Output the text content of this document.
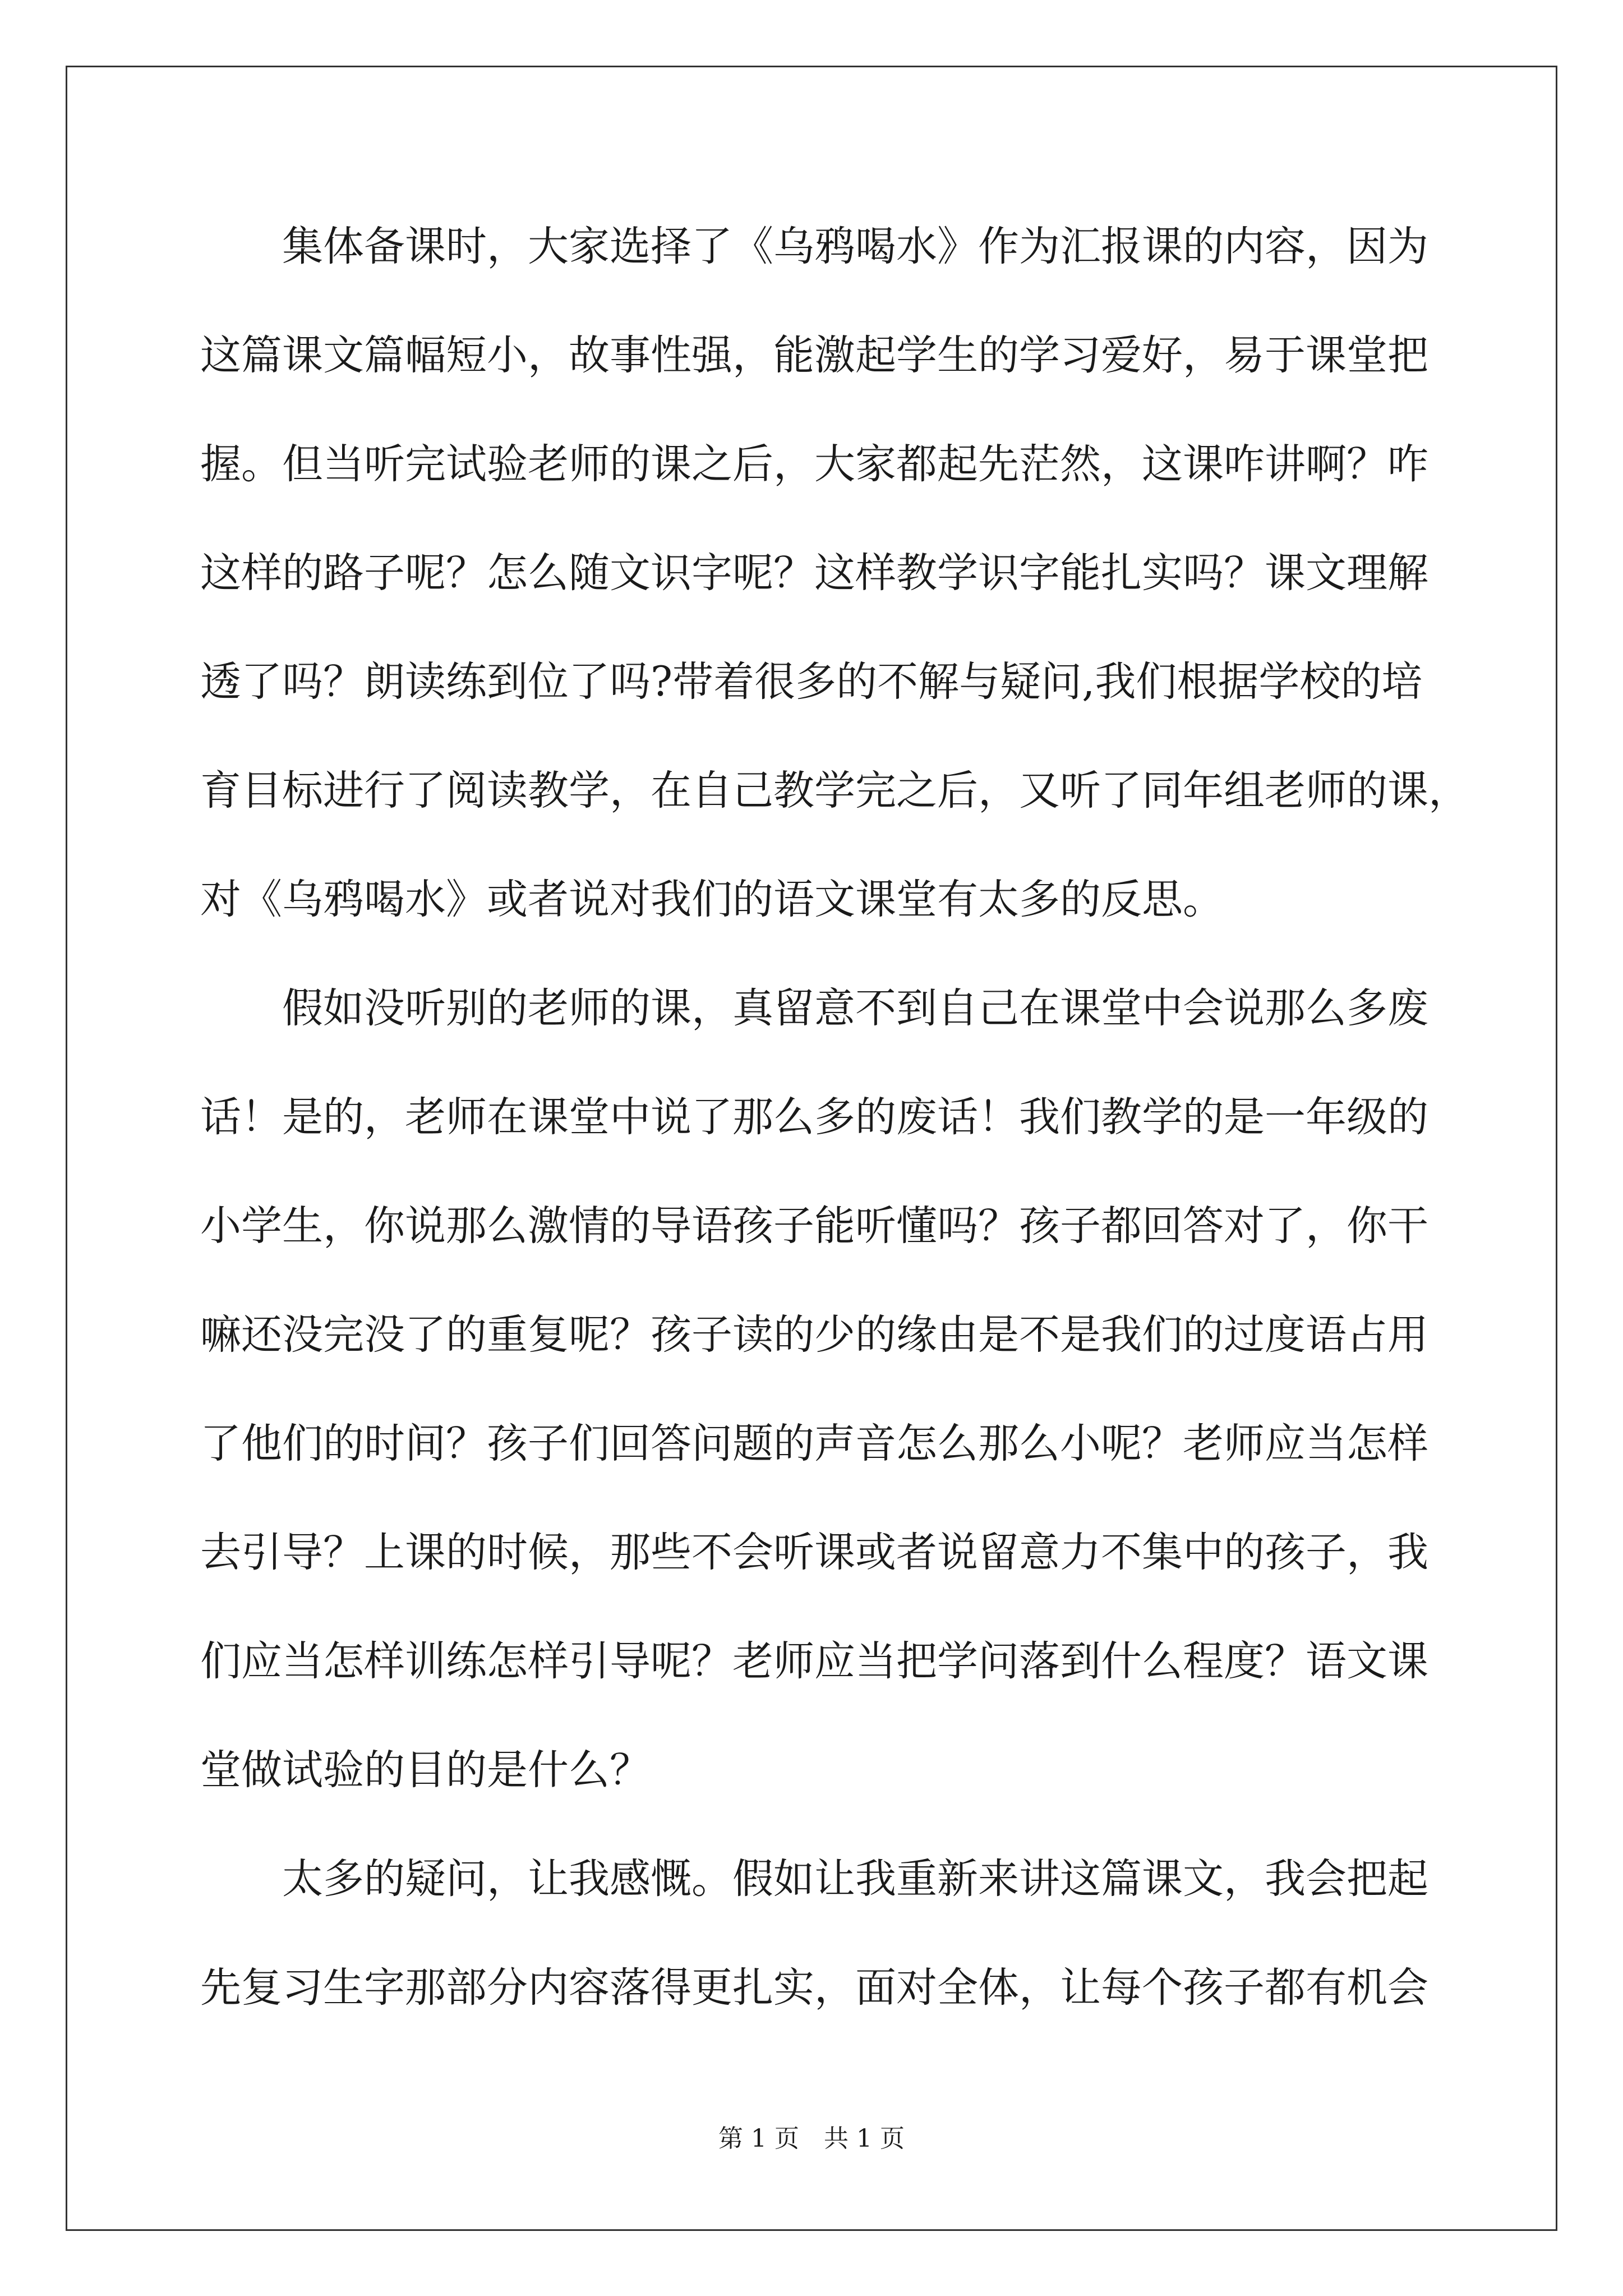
　　集体备课时，大家选择了《乌鸦喝水》作为汇报课的内容，因为
这篇课文篇幅短小，故事性强，能激起学生的学习爱好，易于课堂把
握。但当听完试验老师的课之后，大家都起先茫然，这课咋讲啊？咋
这样的路子呢？怎么随文识字呢？这样教学识字能扎实吗？课文理解
透了吗？朗读练到位了吗?带着很多的不解与疑问,我们根据学校的培
育目标进行了阅读教学，在自己教学完之后，又听了同年组老师的课，
对《乌鸦喝水》或者说对我们的语文课堂有太多的反思。
　　假如没听别的老师的课，真留意不到自己在课堂中会说那么多废
话！是的，老师在课堂中说了那么多的废话！我们教学的是一年级的
小学生，你说那么激情的导语孩子能听懂吗？孩子都回答对了，你干
嘛还没完没了的重复呢？孩子读的少的缘由是不是我们的过度语占用
了他们的时间？孩子们回答问题的声音怎么那么小呢？老师应当怎样
去引导？上课的时候，那些不会听课或者说留意力不集中的孩子，我
们应当怎样训练怎样引导呢？老师应当把学问落到什么程度？语文课
堂做试验的目的是什么？
　　太多的疑问，让我感慨。假如让我重新来讲这篇课文，我会把起
先复习生字那部分内容落得更扎实，面对全体，让每个孩子都有机会
第 1 页　共 1 页
